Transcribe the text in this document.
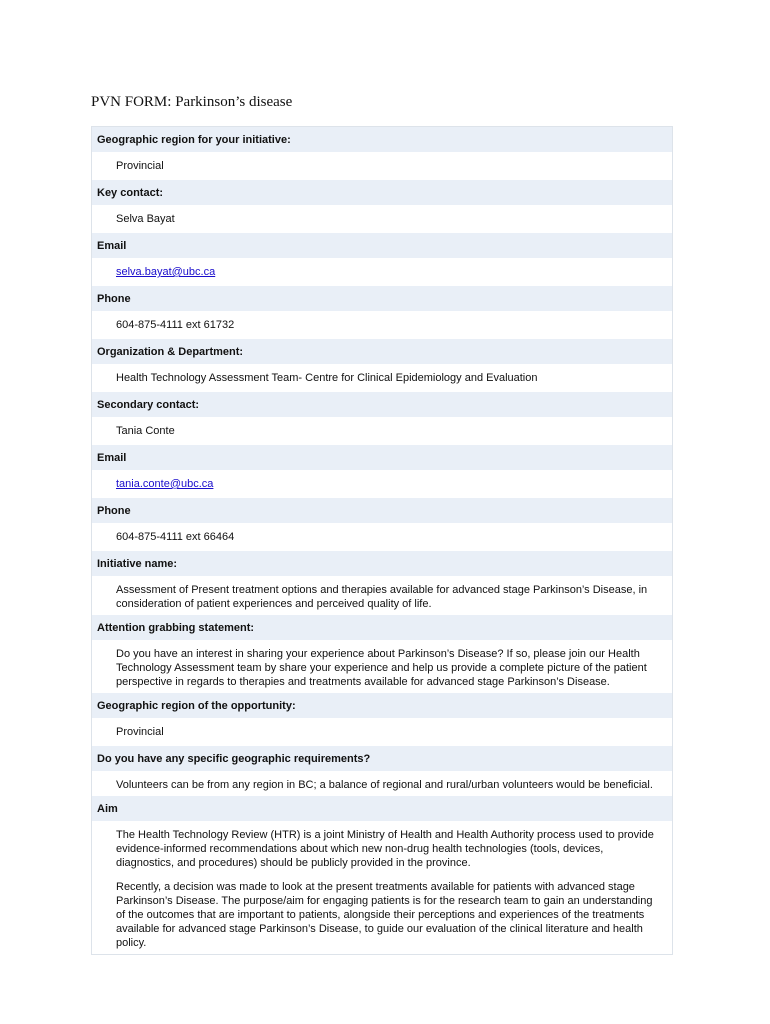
PVN FORM: Parkinson’s disease
Geographic region for your initiative:
Provincial
Key contact:
Selva Bayat
Email
selva.bayat@ubc.ca
Phone
604-875-4111 ext 61732
Organization & Department:
Health Technology Assessment Team- Centre for Clinical Epidemiology and Evaluation
Secondary contact:
Tania Conte
Email
tania.conte@ubc.ca
Phone
604-875-4111 ext 66464
Initiative name:
Assessment of Present treatment options and therapies available for advanced stage Parkinson’s Disease, in consideration of patient experiences and perceived quality of life.
Attention grabbing statement:
Do you have an interest in sharing your experience about Parkinson’s Disease? If so, please join our Health Technology Assessment team by share your experience and help us provide a complete picture of the patient perspective in regards to therapies and treatments available for advanced stage Parkinson’s Disease.
Geographic region of the opportunity:
Provincial
Do you have any specific geographic requirements?
Volunteers can be from any region in BC; a balance of regional and rural/urban volunteers would be beneficial.
Aim

The Health Technology Review (HTR) is a joint Ministry of Health and Health Authority process used to provide evidence-informed recommendations about which new non-drug health technologies (tools, devices, diagnostics, and procedures) should be publicly provided in the province.

Recently, a decision was made to look at the present treatments available for patients with advanced stage Parkinson’s Disease. The purpose/aim for engaging patients is for the research team to gain an understanding of the outcomes that are important to patients, alongside their perceptions and experiences of the treatments available for advanced stage Parkinson’s Disease, to guide our evaluation of the clinical literature and health policy.
